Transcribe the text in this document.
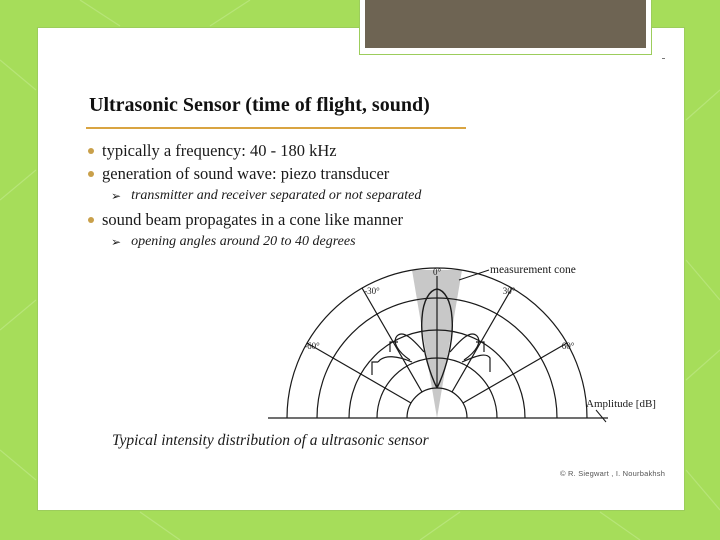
Ultrasonic Sensor (time of flight, sound)

typically a frequency: 40 - 180 kHz

generation of sound wave: piezo transducer

➢ transmitter and receiver separated or not separated

sound beam propagates in a cone like manner

➢ opening angles around 20 to 40 degrees

0°
-30°	30°
-60°	60°
measurement cone
Amplitude [dB]

Typical intensity distribution of a ultrasonic sensor

© R. Siegwart , I. Nourbakhsh
